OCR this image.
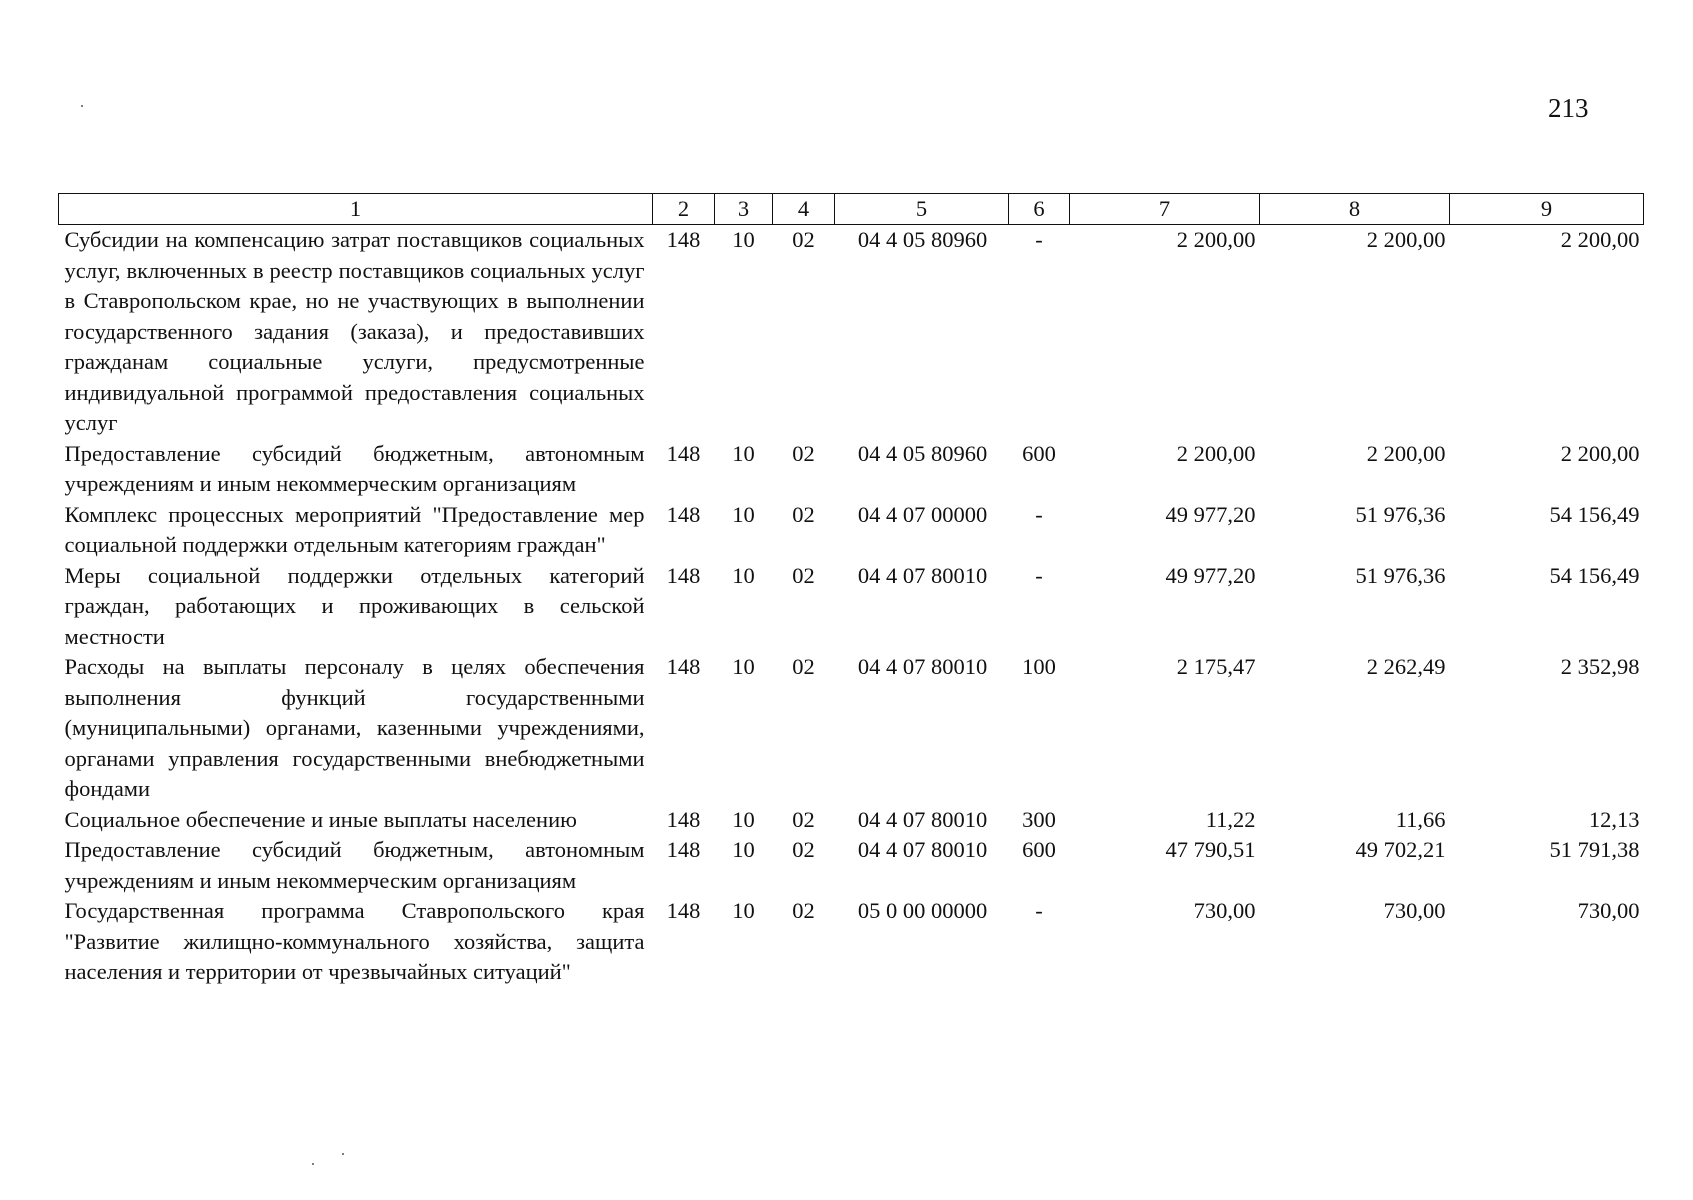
213
1	2	3	4	5	6	7	8	9
Субсидии на компенсацию затрат поставщиков социальных услуг, включенных в реестр поставщиков социальных услуг в Ставропольском крае, но не участвующих в выполнении государственного задания (заказа), и предоставивших гражданам социальные услуги, предусмотренные индивидуальной программой предоставления социальных услуг	148	10	02	04 4 05 80960	-	2 200,00	2 200,00	2 200,00
Предоставление субсидий бюджетным, автономным учреждениям и иным некоммерческим организациям	148	10	02	04 4 05 80960	600	2 200,00	2 200,00	2 200,00
Комплекс процессных мероприятий "Предоставление мер социальной поддержки отдельным категориям граждан"	148	10	02	04 4 07 00000	-	49 977,20	51 976,36	54 156,49
Меры социальной поддержки отдельных категорий граждан, работающих и проживающих в сельской местности	148	10	02	04 4 07 80010	-	49 977,20	51 976,36	54 156,49
Расходы на выплаты персоналу в целях обеспечения выполнения функций государственными (муниципальными) органами, казенными учреждениями, органами управления государственными внебюджетными фондами	148	10	02	04 4 07 80010	100	2 175,47	2 262,49	2 352,98
Социальное обеспечение и иные выплаты населению	148	10	02	04 4 07 80010	300	11,22	11,66	12,13
Предоставление субсидий бюджетным, автономным учреждениям и иным некоммерческим организациям	148	10	02	04 4 07 80010	600	47 790,51	49 702,21	51 791,38
Государственная программа Ставропольского края "Развитие жилищно-коммунального хозяйства, защита населения и территории от чрезвычайных ситуаций"	148	10	02	05 0 00 00000	-	730,00	730,00	730,00
